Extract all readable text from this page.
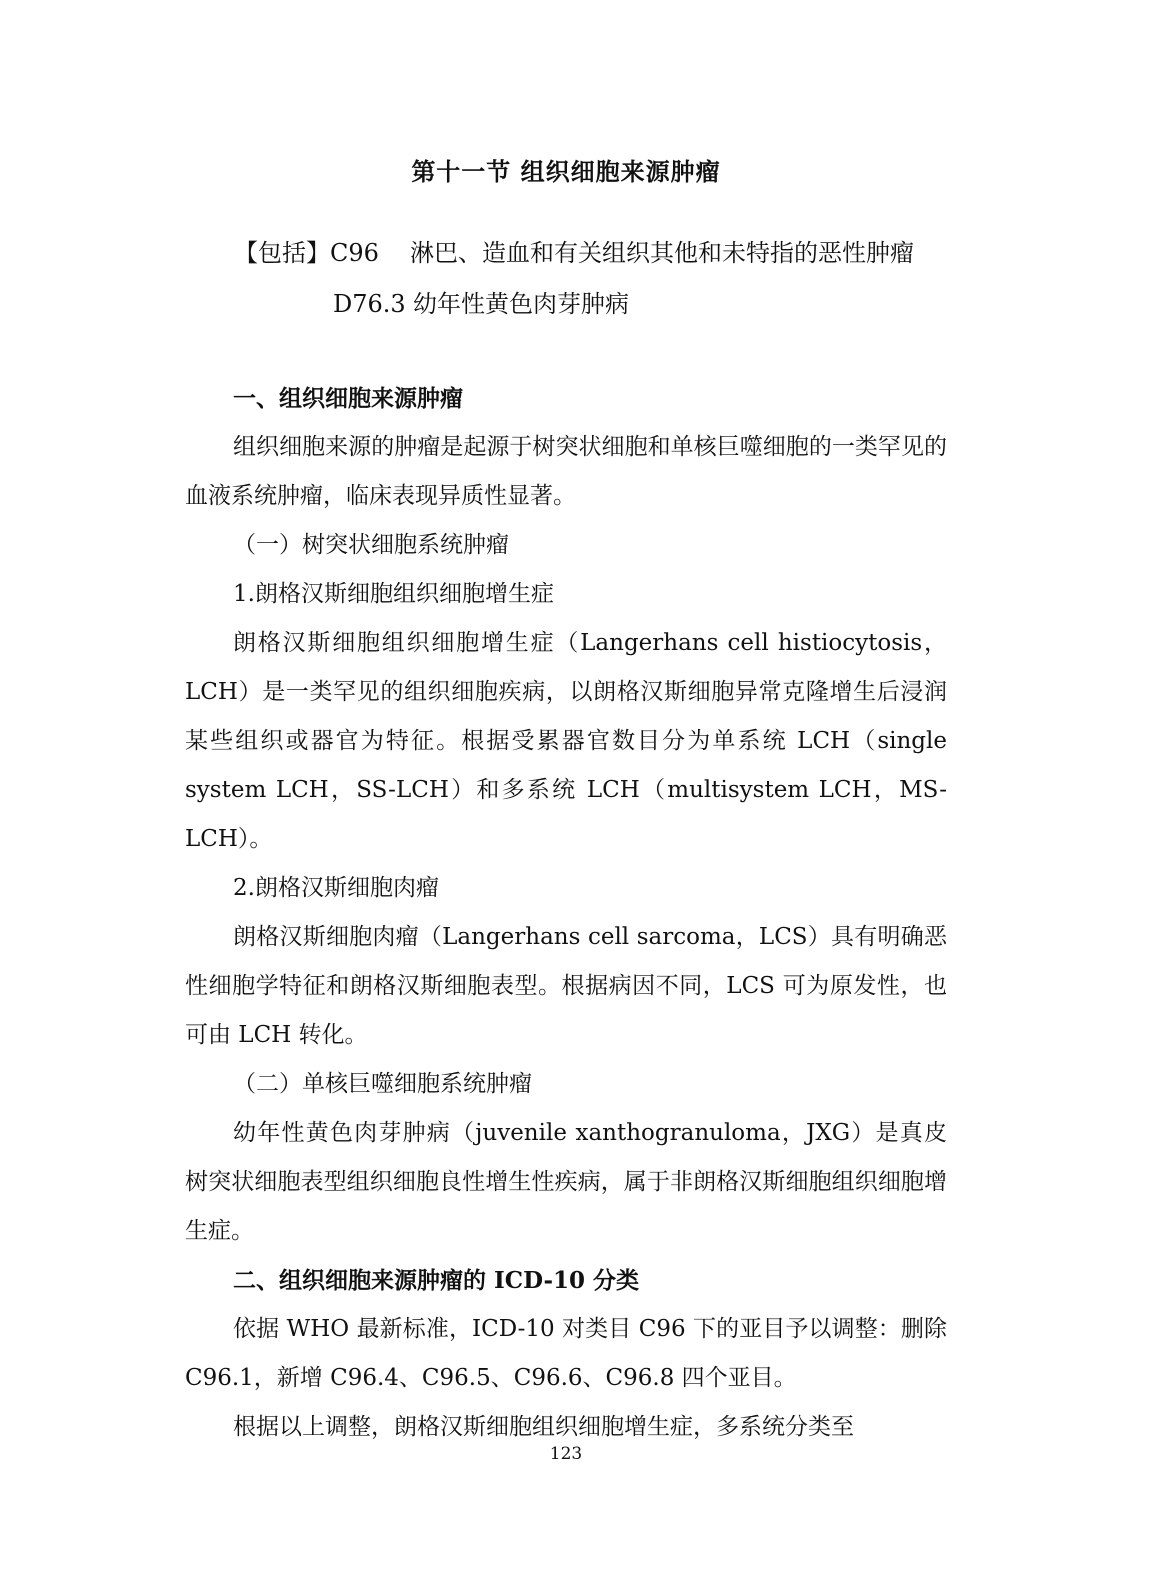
第十一节 组织细胞来源肿瘤
【包括】C96 淋巴、造血和有关组织其他和未特指的恶性肿瘤
D76.3 幼年性黄色肉芽肿病

一、组织细胞来源肿瘤

组织细胞来源的肿瘤是起源于树突状细胞和单核巨噬细胞的一类罕见的血液系统肿瘤，临床表现异质性显著。

（一）树突状细胞系统肿瘤

1.朗格汉斯细胞组织细胞增生症

朗格汉斯细胞组织细胞增生症（Langerhans cell histiocytosis，LCH）是一类罕见的组织细胞疾病，以朗格汉斯细胞异常克隆增生后浸润某些组织或器官为特征。根据受累器官数目分为单系统 LCH（single system LCH，SS-LCH）和多系统 LCH（multisystem LCH，MS-LCH）。

2.朗格汉斯细胞肉瘤

朗格汉斯细胞肉瘤（Langerhans cell sarcoma，LCS）具有明确恶性细胞学特征和朗格汉斯细胞表型。根据病因不同，LCS 可为原发性，也可由 LCH 转化。

（二）单核巨噬细胞系统肿瘤

幼年性黄色肉芽肿病（juvenile xanthogranuloma，JXG）是真皮树突状细胞表型组织细胞良性增生性疾病，属于非朗格汉斯细胞组织细胞增生症。

二、组织细胞来源肿瘤的 ICD-10 分类

依据 WHO 最新标准，ICD-10 对类目 C96 下的亚目予以调整：删除 C96.1，新增 C96.4、C96.5、C96.6、C96.8 四个亚目。

根据以上调整，朗格汉斯细胞组织细胞增生症，多系统分类至

123
